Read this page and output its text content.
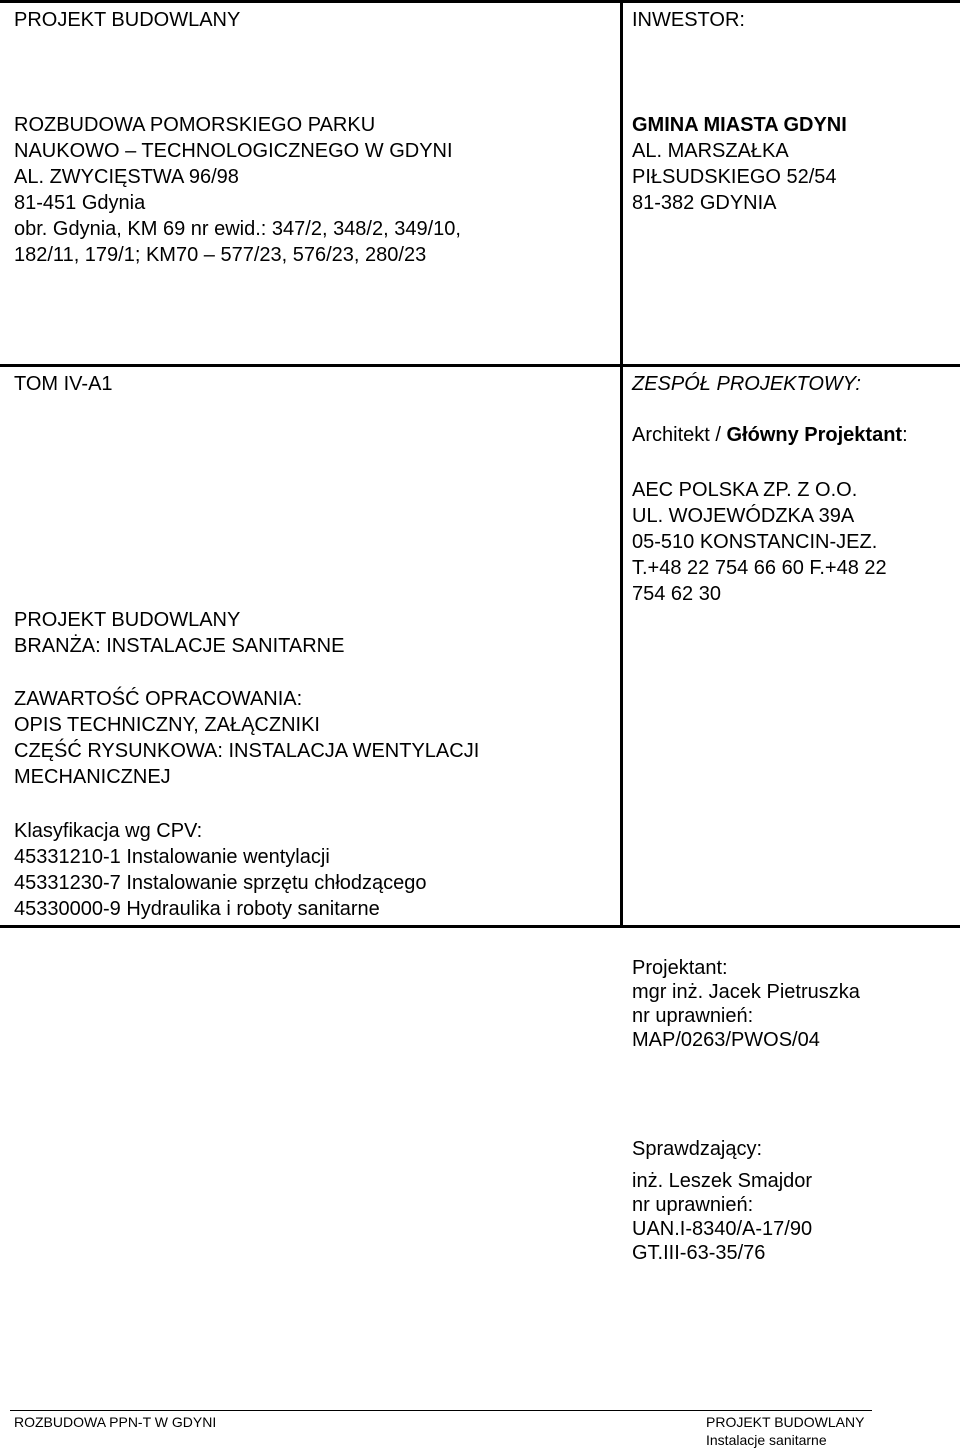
PROJEKT BUDOWLANY
ROZBUDOWA POMORSKIEGO PARKU
NAUKOWO – TECHNOLOGICZNEGO W GDYNI
AL. ZWYCIĘSTWA 96/98
81-451 Gdynia
obr. Gdynia, KM 69 nr ewid.: 347/2, 348/2, 349/10,
182/11, 179/1; KM70 – 577/23, 576/23, 280/23
INWESTOR:
GMINA MIASTA GDYNI
AL. MARSZAŁKA
PIŁSUDSKIEGO 52/54
81-382 GDYNIA
TOM IV-A1
PROJEKT BUDOWLANY
BRANŻA: INSTALACJE SANITARNE
ZAWARTOŚĆ OPRACOWANIA:
OPIS TECHNICZNY, ZAŁĄCZNIKI
CZĘŚĆ RYSUNKOWA: INSTALACJA WENTYLACJI
MECHANICZNEJ
Klasyfikacja wg CPV:
45331210-1 Instalowanie wentylacji
45331230-7 Instalowanie sprzętu chłodzącego
45330000-9 Hydraulika i roboty sanitarne
ZESPÓŁ PROJEKTOWY:
Architekt / Główny Projektant:
AEC POLSKA ZP. Z O.O.
UL. WOJEWÓDZKA 39A
05-510 KONSTANCIN-JEZ.
T.+48 22 754 66 60 F.+48 22
754 62 30
Projektant:
mgr inż. Jacek Pietruszka
nr uprawnień:
MAP/0263/PWOS/04
Sprawdzający:
inż. Leszek Smajdor
nr uprawnień:
UAN.I-8340/A-17/90
GT.III-63-35/76
ROZBUDOWA PPN-T W GDYNI	PROJEKT BUDOWLANY
Instalacje sanitarne
